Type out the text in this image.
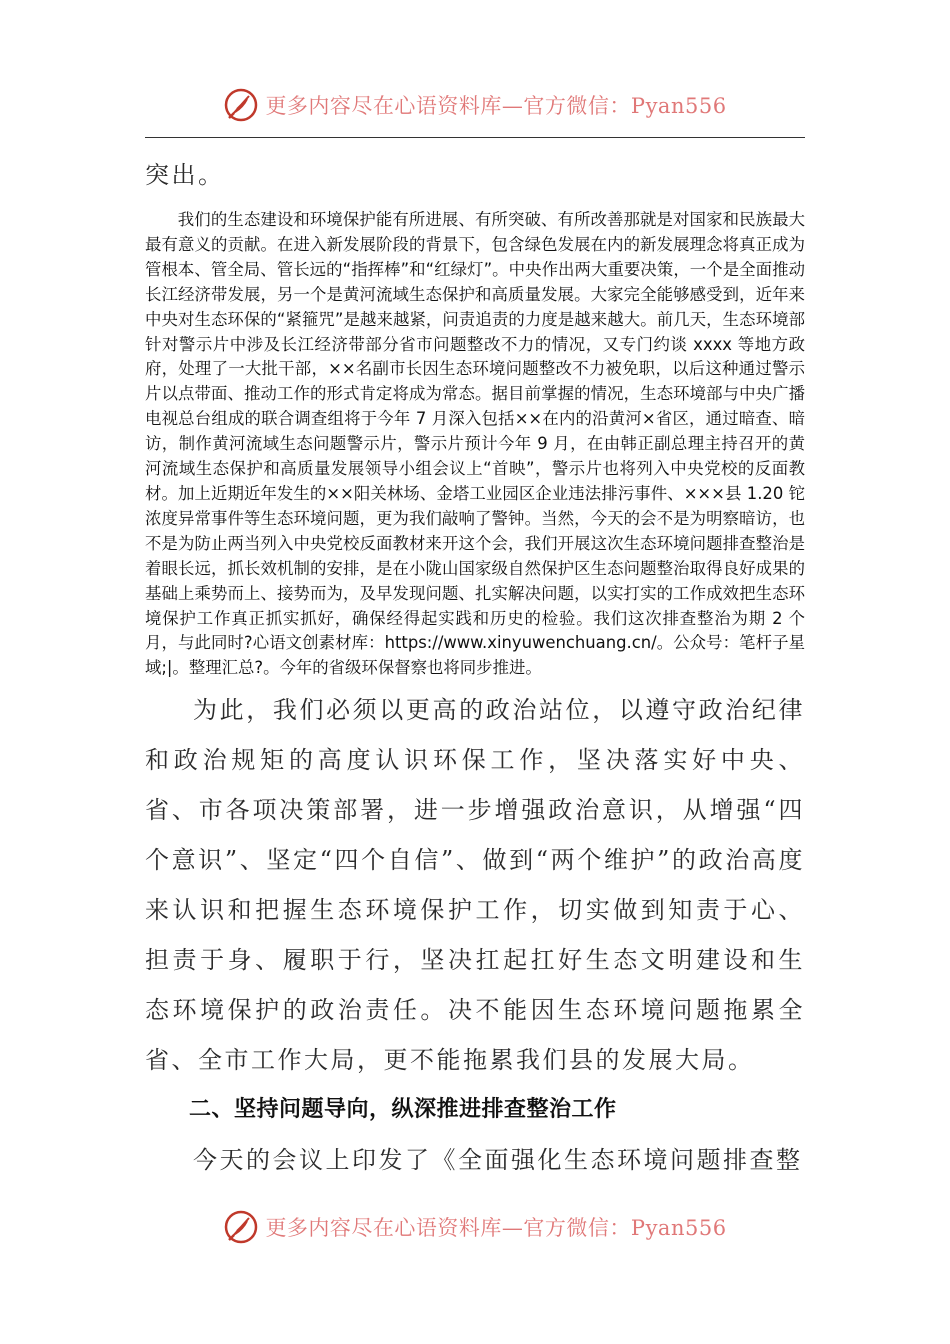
更多内容尽在心语资料库—官方微信：Pyan556

突出。

我们的生态建设和环境保护能有所进展、有所突破、有所改善那就是对国家和民族最大最有意义的贡献。在进入新发展阶段的背景下，包含绿色发展在内的新发展理念将真正成为管根本、管全局、管长远的“指挥棒”和“红绿灯”。中央作出两大重要决策，一个是全面推动长江经济带发展，另一个是黄河流域生态保护和高质量发展。大家完全能够感受到，近年来中央对生态环保的“紧箍咒”是越来越紧，问责追责的力度是越来越大。前几天，生态环境部针对警示片中涉及长江经济带部分省市问题整改不力的情况，又专门约谈 xxxx 等地方政府，处理了一大批干部，××名副市长因生态环境问题整改不力被免职，以后这种通过警示片以点带面、推动工作的形式肯定将成为常态。据目前掌握的情况，生态环境部与中央广播电视总台组成的联合调查组将于今年 7 月深入包括××在内的沿黄河×省区，通过暗查、暗访，制作黄河流域生态问题警示片，警示片预计今年 9 月，在由韩正副总理主持召开的黄河流域生态保护和高质量发展领导小组会议上“首映”，警示片也将列入中央党校的反面教材。加上近期近年发生的××阳关林场、金塔工业园区企业违法排污事件、×××县 1.20 铊浓度异常事件等生态环境问题，更为我们敲响了警钟。当然，今天的会不是为明察暗访，也不是为防止两当列入中央党校反面教材来开这个会，我们开展这次生态环境问题排查整治是着眼长远，抓长效机制的安排，是在小陇山国家级自然保护区生态问题整治取得良好成果的基础上乘势而上、接势而为，及早发现问题、扎实解决问题，以实打实的工作成效把生态环境保护工作真正抓实抓好，确保经得起实践和历史的检验。我们这次排查整治为期 2 个月，与此同时?心语文创素材库：https://www.xinyuwenchuang.cn/。公众号：笔杆子星域;|。整理汇总?。今年的省级环保督察也将同步推进。

为此，我们必须以更高的政治站位，以遵守政治纪律和政治规矩的高度认识环保工作，坚决落实好中央、省、市各项决策部署，进一步增强政治意识，从增强“四个意识”、坚定“四个自信”、做到“两个维护”的政治高度来认识和把握生态环境保护工作，切实做到知责于心、担责于身、履职于行，坚决扛起扛好生态文明建设和生态环境保护的政治责任。决不能因生态环境问题拖累全省、全市工作大局，更不能拖累我们县的发展大局。

二、坚持问题导向，纵深推进排查整治工作

今天的会议上印发了《全面强化生态环境问题排查整

更多内容尽在心语资料库—官方微信：Pyan556
